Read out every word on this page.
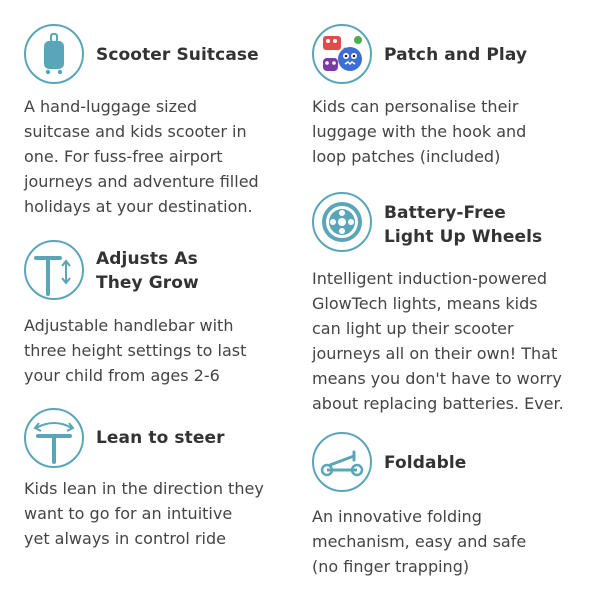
Scooter Suitcase
A hand-luggage sized
suitcase and kids scooter in
one. For fuss-free airport
journeys and adventure filled
holidays at your destination.
Adjusts As
They Grow
Adjustable handlebar with
three height settings to last
your child from ages 2-6
Lean to steer
Kids lean in the direction they
want to go for an intuitive
yet always in control ride
Patch and Play
Kids can personalise their
luggage with the hook and
loop patches (included)
Battery-Free
Light Up Wheels
Intelligent induction-powered
GlowTech lights, means kids
can light up their scooter
journeys all on their own! That
means you don't have to worry
about replacing batteries. Ever.
Foldable
An innovative folding
mechanism, easy and safe
(no finger trapping)
